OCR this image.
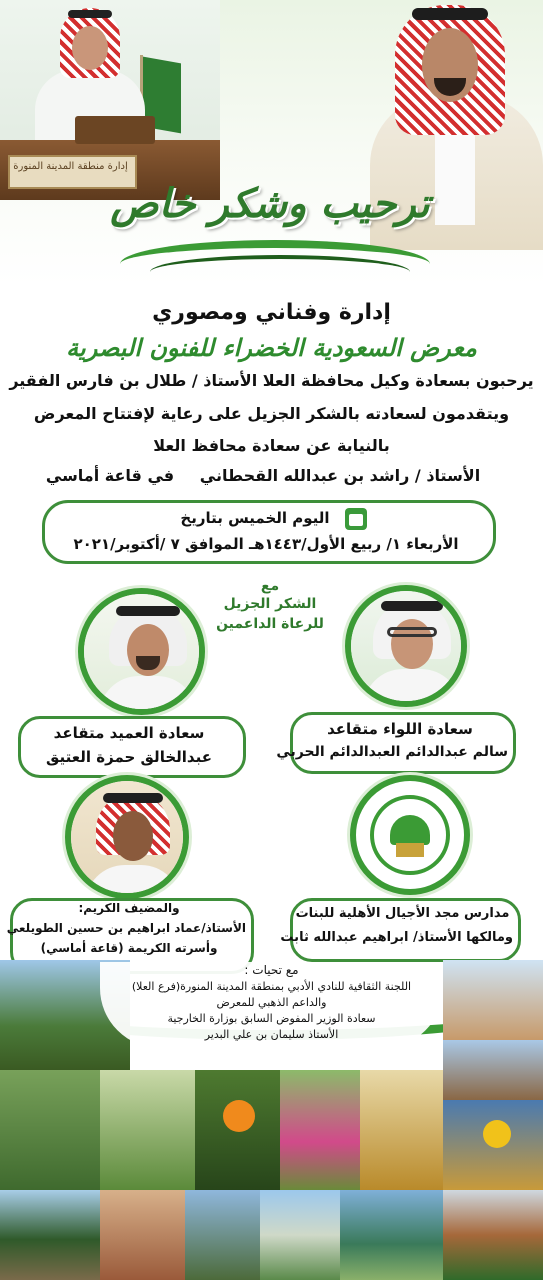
إدارة منطقة المدينة المنورة
ترحيب وشكر خاص
إدارة وفناني ومصوري
معرض السعودية الخضراء للفنون البصرية
يرحبون بسعادة وكيل محافظة العلا الأستاذ / طلال بن فارس الفقير
ويتقدمون لسعادته بالشكر الجزيل على رعاية لإفتتاح المعرض
بالنيابة عن سعادة محافظ العلا
الأستاذ / راشد بن عبدالله القحطاني
في قاعة أماسي
اليوم الخميس بتاريخ
الأربعاء ١/ ربيع الأول/١٤٤٣هـ الموافق ٧ /أكتوبر/٢٠٢١
مع
الشكر الجزيل
للرعاة الداعمين
سعادة اللواء متقاعد
سالم عبدالدائم العبدالدائم الحربي
سعادة العميد متقاعد
عبدالخالق حمزة العتيق
مدارس مجد الأجيال الأهلية للبنات
ومالكها الأستاذ/ ابراهيم عبدالله ثابت
والمضيف الكريم:
الأستاذ/عماد ابراهيم بن حسين الطويلعي
وأسرته الكريمة (قاعة أماسي)
مع تحيات :
اللجنة الثقافية للنادي الأدبي بمنطقة المدينة المنورة(فرع العلا)
والداعم الذهبي للمعرض
سعادة الوزير المفوض السابق بوزارة الخارجية
الأستاذ سليمان بن علي البدير
